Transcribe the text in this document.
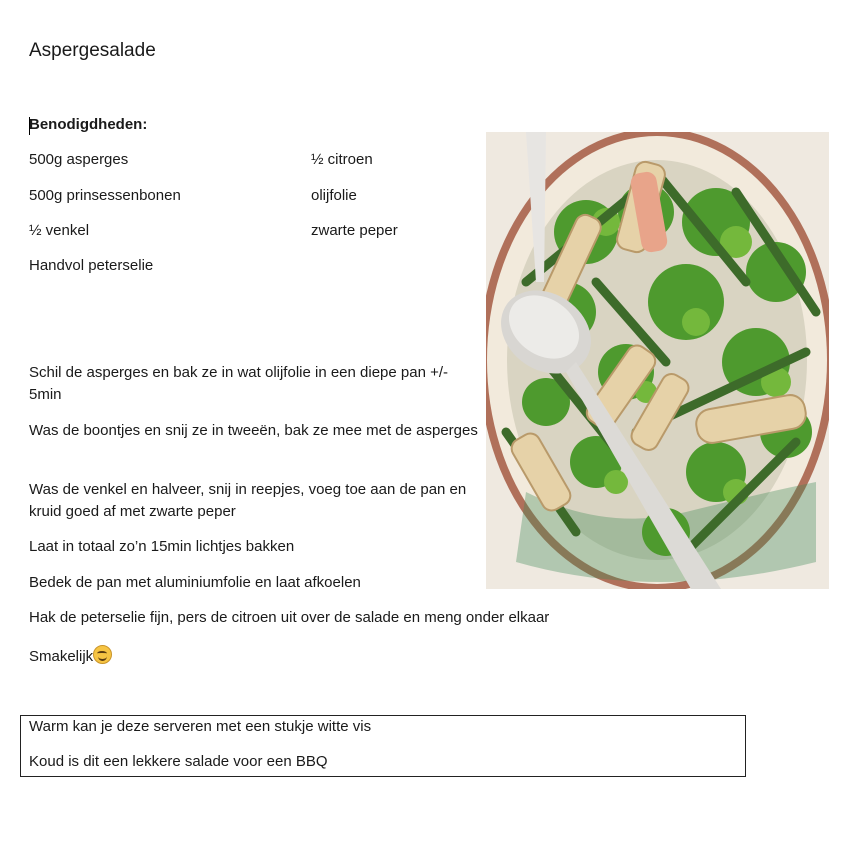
Aspergesalade
Benodigdheden:
500g asperges
500g prinsessenbonen
½ venkel
Handvol peterselie
½ citroen
olijfolie
zwarte peper
Schil de asperges en bak ze in wat olijfolie in een diepe pan +/- 5min
Was de boontjes en snij ze in tweeën, bak ze mee met de asperges
Was de venkel en halveer, snij in reepjes, voeg toe aan de pan en kruid goed af met zwarte peper
Laat in totaal zo’n 15min lichtjes bakken
Bedek de pan met aluminiumfolie en laat afkoelen
Hak de peterselie fijn, pers de citroen uit over de salade en meng onder elkaar
Smakelijk
Warm kan je deze serveren met een stukje witte vis
Koud is dit een lekkere salade voor een BBQ
